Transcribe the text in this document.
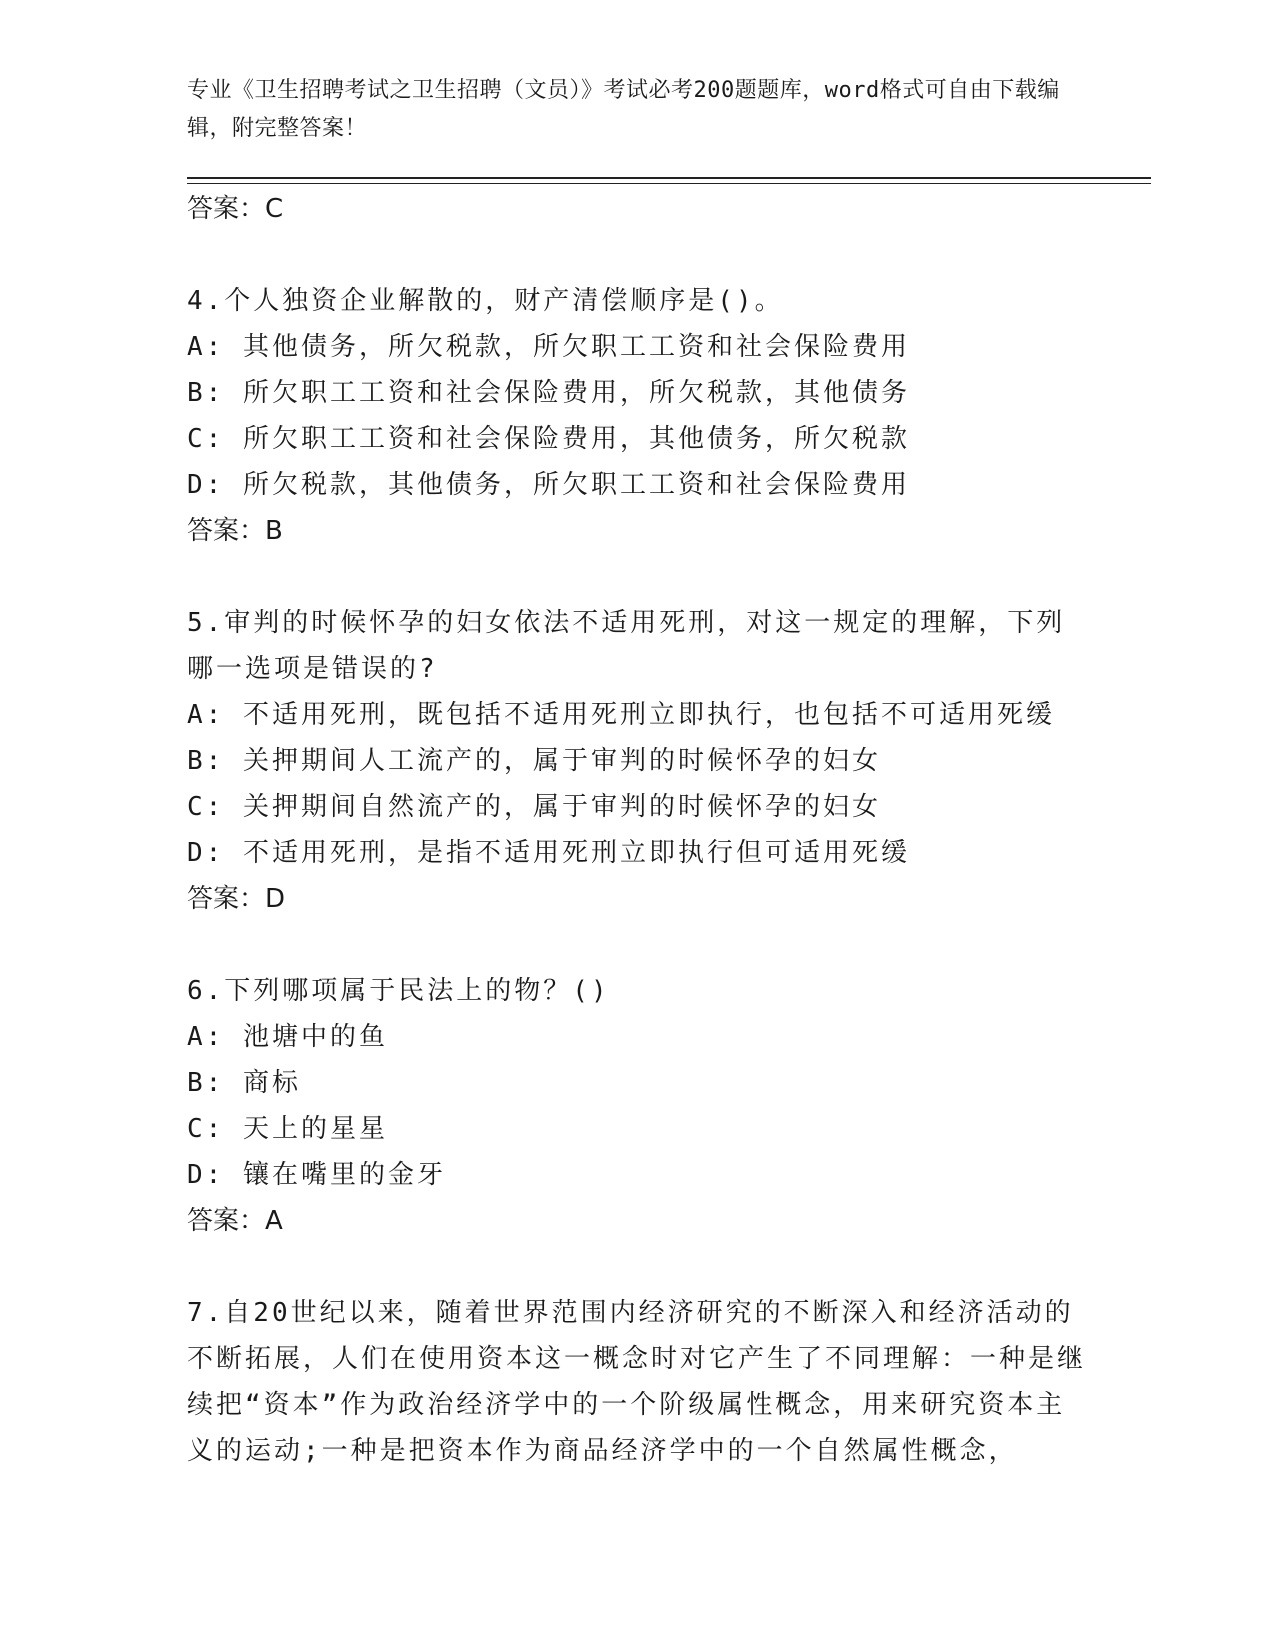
专业《卫生招聘考试之卫生招聘（文员）》考试必考200题题库，word格式可自由下载编辑，附完整答案！

答案：C

4.个人独资企业解散的，财产清偿顺序是()。

A: 其他债务，所欠税款，所欠职工工资和社会保险费用

B: 所欠职工工资和社会保险费用，所欠税款，其他债务

C: 所欠职工工资和社会保险费用，其他债务，所欠税款

D: 所欠税款，其他债务，所欠职工工资和社会保险费用

答案：B

5.审判的时候怀孕的妇女依法不适用死刑，对这一规定的理解，下列哪一选项是错误的?

A: 不适用死刑，既包括不适用死刑立即执行，也包括不可适用死缓

B: 关押期间人工流产的，属于审判的时候怀孕的妇女

C: 关押期间自然流产的，属于审判的时候怀孕的妇女

D: 不适用死刑，是指不适用死刑立即执行但可适用死缓

答案：D

6.下列哪项属于民法上的物？()

A: 池塘中的鱼

B: 商标

C: 天上的星星

D: 镶在嘴里的金牙

答案：A

7.自20世纪以来，随着世界范围内经济研究的不断深入和经济活动的不断拓展，人们在使用资本这一概念时对它产生了不同理解：一种是继续把“资本”作为政治经济学中的一个阶级属性概念，用来研究资本主义的运动;一种是把资本作为商品经济学中的一个自然属性概念，
